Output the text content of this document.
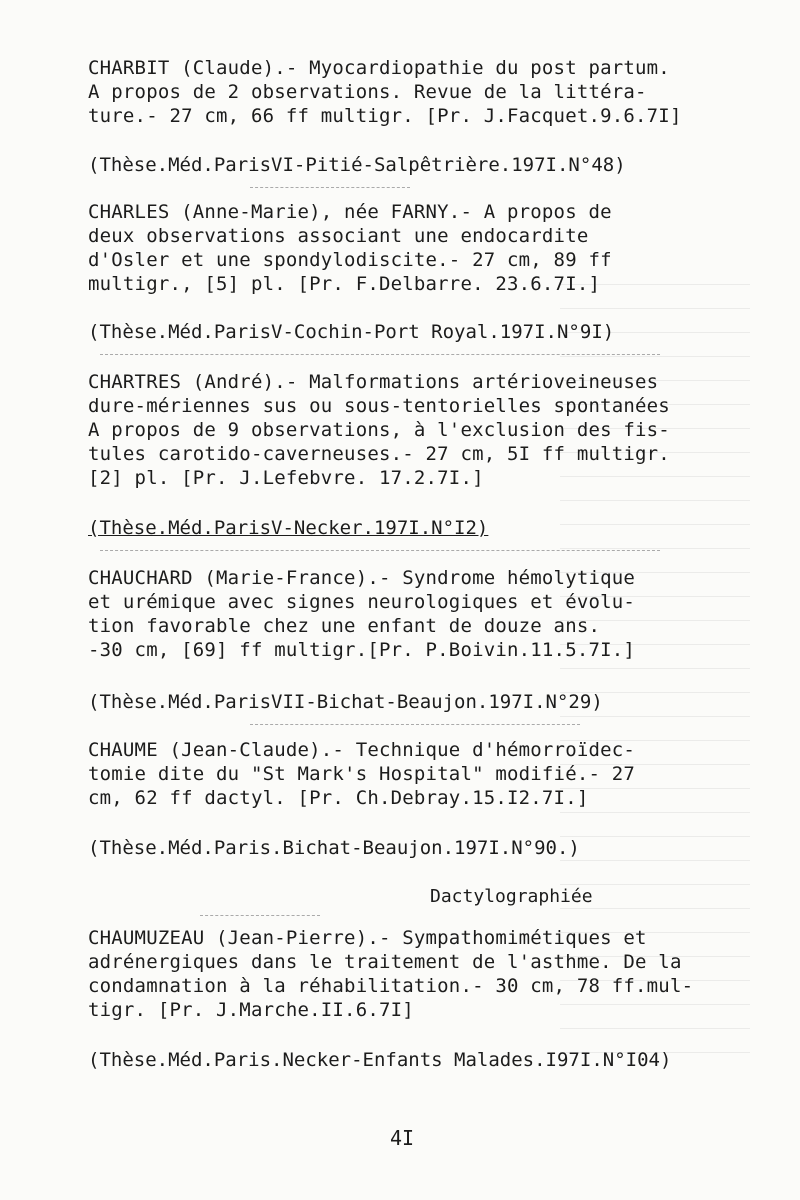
CHARBIT (Claude).- Myocardiopathie du post partum.
A propos de 2 observations. Revue de la littéra-
ture.- 27 cm, 66 ff multigr. [Pr. J.Facquet.9.6.7I]
(Thèse.Méd.ParisVI-Pitié-Salpêtrière.197I.N°48)
CHARLES (Anne-Marie), née FARNY.- A propos de
deux observations associant une endocardite
d'Osler et une spondylodiscite.- 27 cm, 89 ff
multigr., [5] pl. [Pr. F.Delbarre. 23.6.7I.]
(Thèse.Méd.ParisV-Cochin-Port Royal.197I.N°9I)
CHARTRES (André).- Malformations artérioveineuses
dure-mériennes sus ou sous-tentorielles spontanées
A propos de 9 observations, à l'exclusion des fis-
tules carotido-caverneuses.- 27 cm, 5I ff multigr.
[2] pl. [Pr. J.Lefebvre. 17.2.7I.]
(Thèse.Méd.ParisV-Necker.197I.N°I2)
CHAUCHARD (Marie-France).- Syndrome hémolytique
et urémique avec signes neurologiques et évolu-
tion favorable chez une enfant de douze ans.
-30 cm, [69] ff multigr.[Pr. P.Boivin.11.5.7I.]
(Thèse.Méd.ParisVII-Bichat-Beaujon.197I.N°29)
CHAUME (Jean-Claude).- Technique d'hémorroïdec-
tomie dite du "St Mark's Hospital" modifié.- 27
cm, 62 ff dactyl. [Pr. Ch.Debray.15.I2.7I.]
(Thèse.Méd.Paris.Bichat-Beaujon.197I.N°90.)
Dactylographiée
CHAUMUZEAU (Jean-Pierre).- Sympathomimétiques et
adrénergiques dans le traitement de l'asthme. De la
condamnation à la réhabilitation.- 30 cm, 78 ff.mul-
tigr. [Pr. J.Marche.II.6.7I]
(Thèse.Méd.Paris.Necker-Enfants Malades.I97I.N°I04)
4I
